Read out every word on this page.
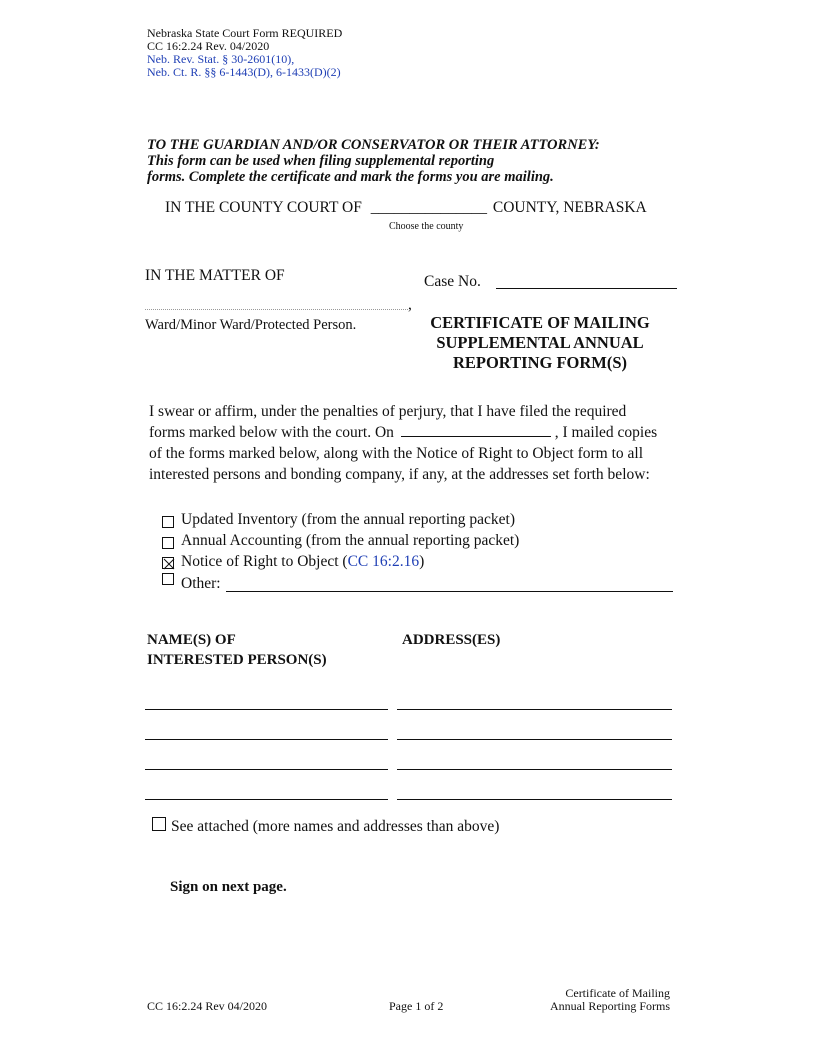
Nebraska State Court Form REQUIRED
CC 16:2.24 Rev. 04/2020
Neb. Rev. Stat. § 30-2601(10),
Neb. Ct. R. §§ 6-1443(D), 6-1433(D)(2)
TO THE GUARDIAN AND/OR CONSERVATOR OR THEIR ATTORNEY:
This form can be used when filing supplemental reporting
forms. Complete the certificate and mark the forms you are mailing.
IN THE COUNTY COURT OF _______________ COUNTY, NEBRASKA
Choose the county
IN THE MATTER OF
,
Ward/Minor Ward/Protected Person.
Case No.
CERTIFICATE OF MAILING
SUPPLEMENTAL ANNUAL
REPORTING FORM(S)
I swear or affirm, under the penalties of perjury, that I have filed the required
forms marked below with the court. On	, I mailed copies
of the forms marked below, along with the Notice of Right to Object form to all
interested persons and bonding company, if any, at the addresses set forth below:
Updated Inventory (from the annual reporting packet)
Annual Accounting (from the annual reporting packet)
Notice of Right to Object (CC 16:2.16)
Other:
NAME(S) OF
INTERESTED PERSON(S)
ADDRESS(ES)
See attached (more names and addresses than above)
Sign on next page.
CC 16:2.24 Rev 04/2020	Page 1 of 2
Certificate of Mailing
Annual Reporting Forms
